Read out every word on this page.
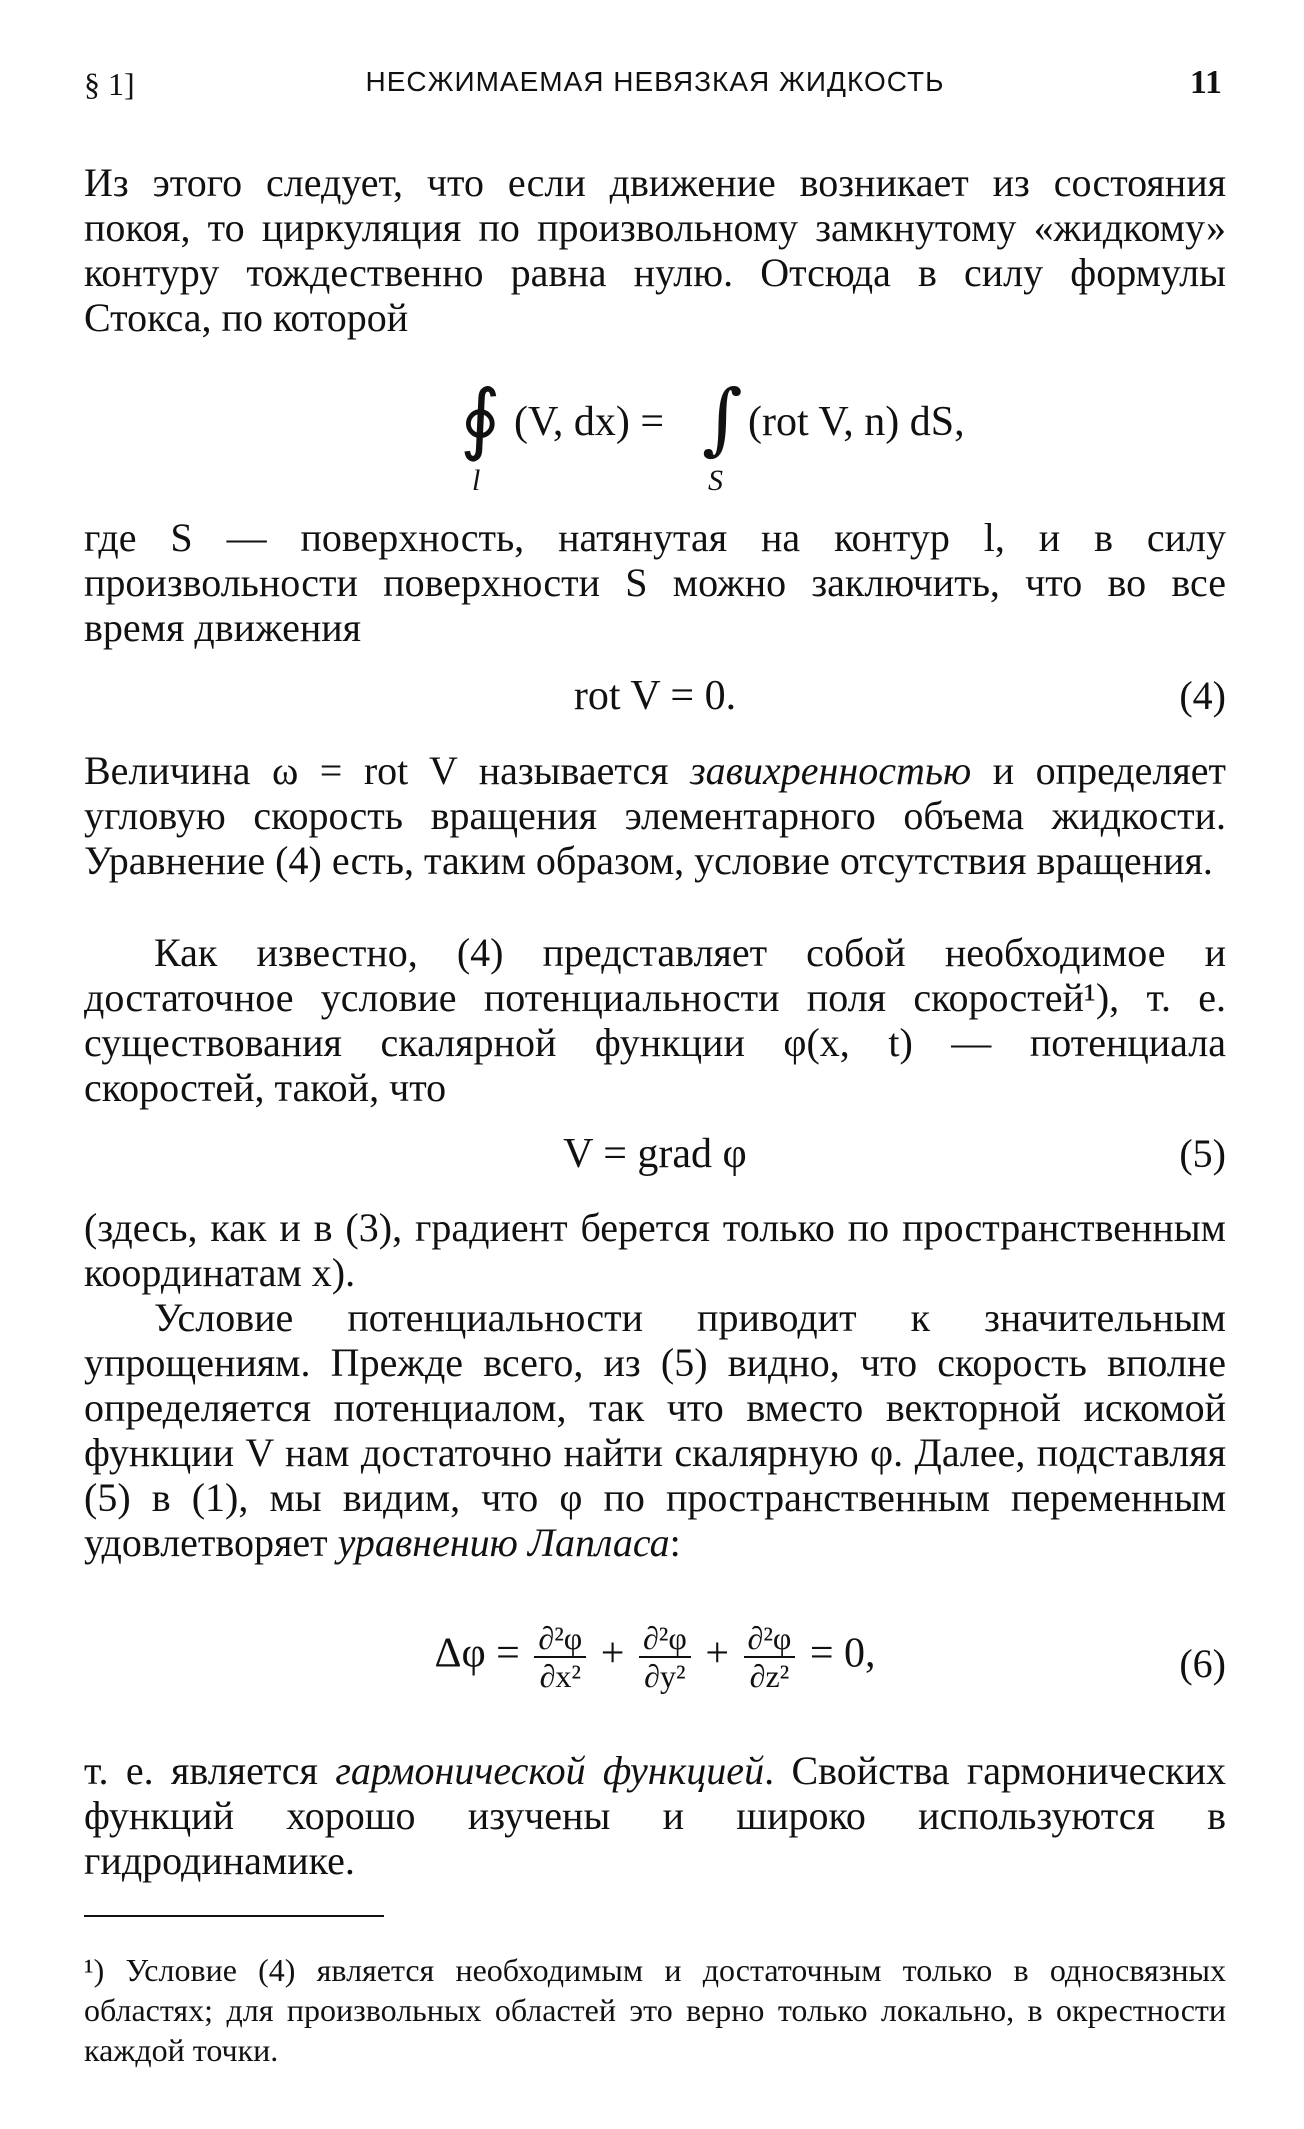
§ 1]	НЕСЖИМАЕМАЯ НЕВЯЗКАЯ ЖИДКОСТЬ	11

Из этого следует, что если движение возникает из состояния покоя, то циркуляция по произвольному замкнутому «жидкому» контуру тождественно равна нулю. Отсюда в силу формулы Стокса, по которой

∮
l
(V, dx) = ∫
S
(rot V, n) dS,

где S — поверхность, натянутая на контур l, и в силу произвольности поверхности S можно заключить, что во все время движения

rot V = 0.	(4)

Величина ω = rot V называется завихренностью и определяет угловую скорость вращения элементарного объема жидкости. Уравнение (4) есть, таким образом, условие отсутствия вращения.

Как известно, (4) представляет собой необходимое и достаточное условие потенциальности поля скоростей¹), т. е. существования скалярной функции φ(x, t) — потенциала скоростей, такой, что

V = grad φ	(5)

(здесь, как и в (3), градиент берется только по пространственным координатам x).

Условие потенциальности приводит к значительным упрощениям. Прежде всего, из (5) видно, что скорость вполне определяется потенциалом, так что вместо векторной искомой функции V нам достаточно найти скалярную φ. Далее, подставляя (5) в (1), мы видим, что φ по пространственным переменным удовлетворяет уравнению Лапласа:

$\Delta\varphi = \frac{\text{∂²φ}}{\text{∂x²}} + \frac{\text{∂²φ}}{\text{∂y²}} + \frac{\text{∂²φ}}{\text{∂z²}} = 0$,	(6)

т. е. является гармонической функцией. Свойства гармонических функций хорошо изучены и широко используются в гидродинамике.

¹) Условие (4) является необходимым и достаточным только в односвязных областях; для произвольных областей это верно только локально, в окрестности каждой точки.
